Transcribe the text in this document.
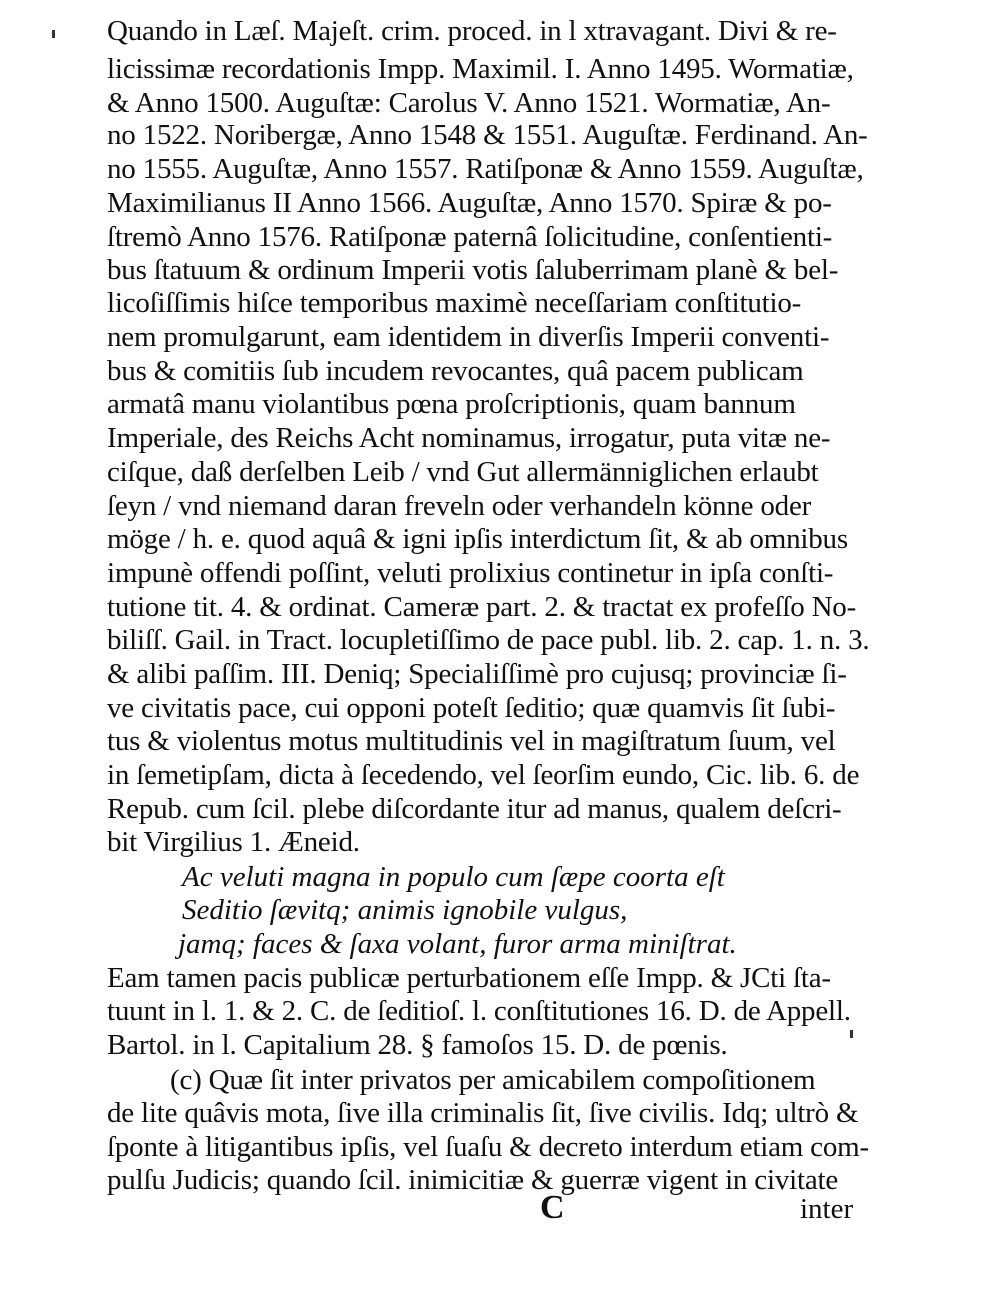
Quando in Læſ. Majeſt. crim. proced. in l xtravagant. Divi & re-
licissimæ recordationis Impp. Maximil. I. Anno 1495. Wormatiæ,
& Anno 1500. Auguſtæ: Carolus V. Anno 1521. Wormatiæ, An-
no 1522. Noribergæ, Anno 1548 & 1551. Auguſtæ. Ferdinand. An-
no 1555. Auguſtæ, Anno 1557. Ratiſponæ & Anno 1559. Auguſtæ,
Maximilianus II Anno 1566. Auguſtæ, Anno 1570. Spiræ & po-
ſtremò Anno 1576. Ratiſponæ paternâ ſolicitudine, conſentienti-
bus ſtatuum & ordinum Imperii votis ſaluberrimam planè & bel-
licoſiſſimis hiſce temporibus maximè neceſſariam conſtitutio-
nem promulgarunt, eam identidem in diverſis Imperii conventi-
bus & comitiis ſub incudem revocantes, quâ pacem publicam
armatâ manu violantibus pœna proſcriptionis, quam bannum
Imperiale, des Reichs Acht nominamus, irrogatur, puta vitæ ne-
ciſque, daß derſelben Leib / vnd Gut allermänniglichen erlaubt
ſeyn / vnd niemand daran freveln oder verhandeln könne oder
möge / h. e. quod aquâ & igni ipſis interdictum ſit, & ab omnibus
impunè offendi poſſint, veluti prolixius continetur in ipſa conſti-
tutione tit. 4. & ordinat. Cameræ part. 2. & tractat ex profeſſo No-
biliſſ. Gail. in Tract. locupletiſſimo de pace publ. lib. 2. cap. 1. n. 3.
& alibi paſſim. III. Deniq; Specialiſſimè pro cujusq; provinciæ ſi-
ve civitatis pace, cui opponi poteſt ſeditio; quæ quamvis ſit ſubi-
tus & violentus motus multitudinis vel in magiſtratum ſuum, vel
in ſemetipſam, dicta à ſecedendo, vel ſeorſim eundo, Cic. lib. 6. de
Repub. cum ſcil. plebe diſcordante itur ad manus, qualem deſcri-
bit Virgilius 1. Æneid.
Ac veluti magna in populo cum ſæpe coorta eſt
Seditio ſævitq; animis ignobile vulgus,
jamq; faces & ſaxa volant, furor arma miniſtrat.
Eam tamen pacis publicæ perturbationem eſſe Impp. & JCti ſta-
tuunt in l. 1. & 2. C. de ſeditioſ. l. conſtitutiones 16. D. de Appell.
Bartol. in l. Capitalium 28. § famoſos 15. D. de pœnis.
(c) Quæ ſit inter privatos per amicabilem compoſitionem
de lite quâvis mota, ſive illa criminalis ſit, ſive civilis. Idq; ultrò &
ſponte à litigantibus ipſis, vel ſuaſu & decreto interdum etiam com-
pulſu Judicis; quando ſcil. inimicitiæ & guerræ vigent in civitate
C	inter
